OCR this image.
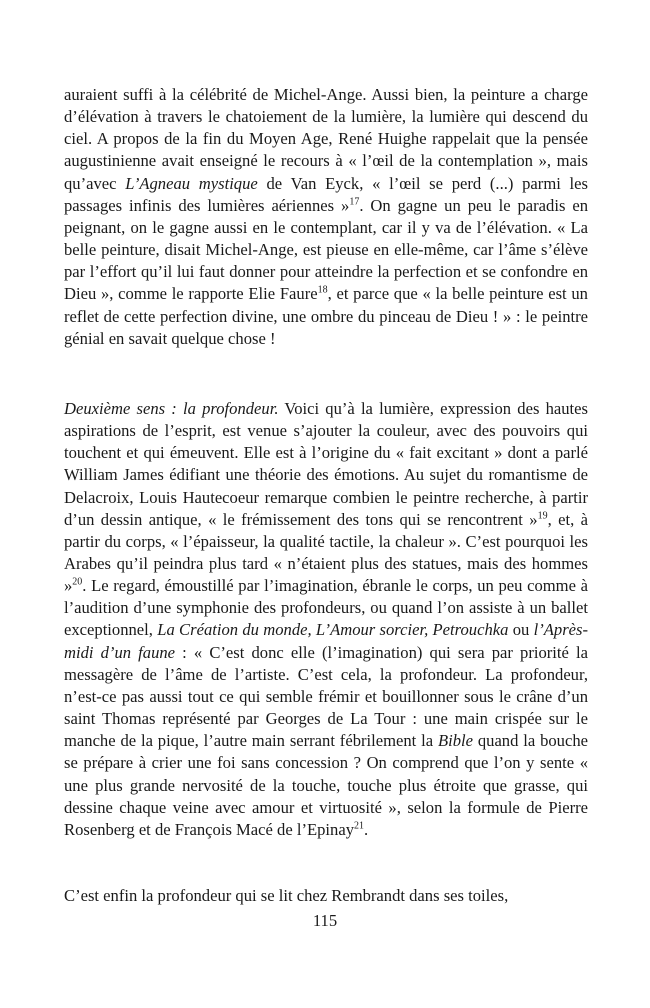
auraient suffi à la célébrité de Michel-Ange. Aussi bien, la peinture a charge d’élévation à travers le chatoiement de la lumière, la lumière qui descend du ciel. A propos de la fin du Moyen Age, René Huighe rappelait que la pensée augustinienne avait enseigné le recours à « l’œil de la contemplation », mais qu’avec L’Agneau mystique de Van Eyck, « l’œil se perd (...) parmi les passages infinis des lumières aériennes »$^{17}$. On gagne un peu le paradis en peignant, on le gagne aussi en le contemplant, car il y va de l’élévation. « La belle peinture, disait Michel-Ange, est pieuse en elle-même, car l’âme s’élève par l’effort qu’il lui faut donner pour atteindre la perfection et se confondre en Dieu », comme le rapporte Elie Faure$^{18}$, et parce que « la belle peinture est un reflet de cette perfection divine, une ombre du pinceau de Dieu ! » : le peintre génial en savait quelque chose !

Deuxième sens : la profondeur. Voici qu’à la lumière, expression des hautes aspirations de l’esprit, est venue s’ajouter la couleur, avec des pouvoirs qui touchent et qui émeuvent. Elle est à l’origine du « fait excitant » dont a parlé William James édifiant une théorie des émotions. Au sujet du romantisme de Delacroix, Louis Hautecoeur remarque combien le peintre recherche, à partir d’un dessin antique, « le frémissement des tons qui se rencontrent »$^{19}$, et, à partir du corps, « l’épaisseur, la qualité tactile, la chaleur ». C’est pourquoi les Arabes qu’il peindra plus tard « n’étaient plus des statues, mais des hommes »$^{20}$. Le regard, émoustillé par l’imagination, ébranle le corps, un peu comme à l’audition d’une symphonie des profondeurs, ou quand l’on assiste à un ballet exceptionnel, La Création du monde, L’Amour sorcier, Petrouchka ou l’Après-midi d’un faune : « C’est donc elle (l’imagination) qui sera par priorité la messagère de l’âme de l’artiste. C’est cela, la profondeur. La profondeur, n’est-ce pas aussi tout ce qui semble frémir et bouillonner sous le crâne d’un saint Thomas représenté par Georges de La Tour : une main crispée sur le manche de la pique, l’autre main serrant fébrilement la Bible quand la bouche se prépare à crier une foi sans concession ? On comprend que l’on y sente « une plus grande nervosité de la touche, touche plus étroite que grasse, qui dessine chaque veine avec amour et virtuosité », selon la formule de Pierre Rosenberg et de François Macé de l’Epinay$^{21}$.

C’est enfin la profondeur qui se lit chez Rembrandt dans ses toiles,

115
